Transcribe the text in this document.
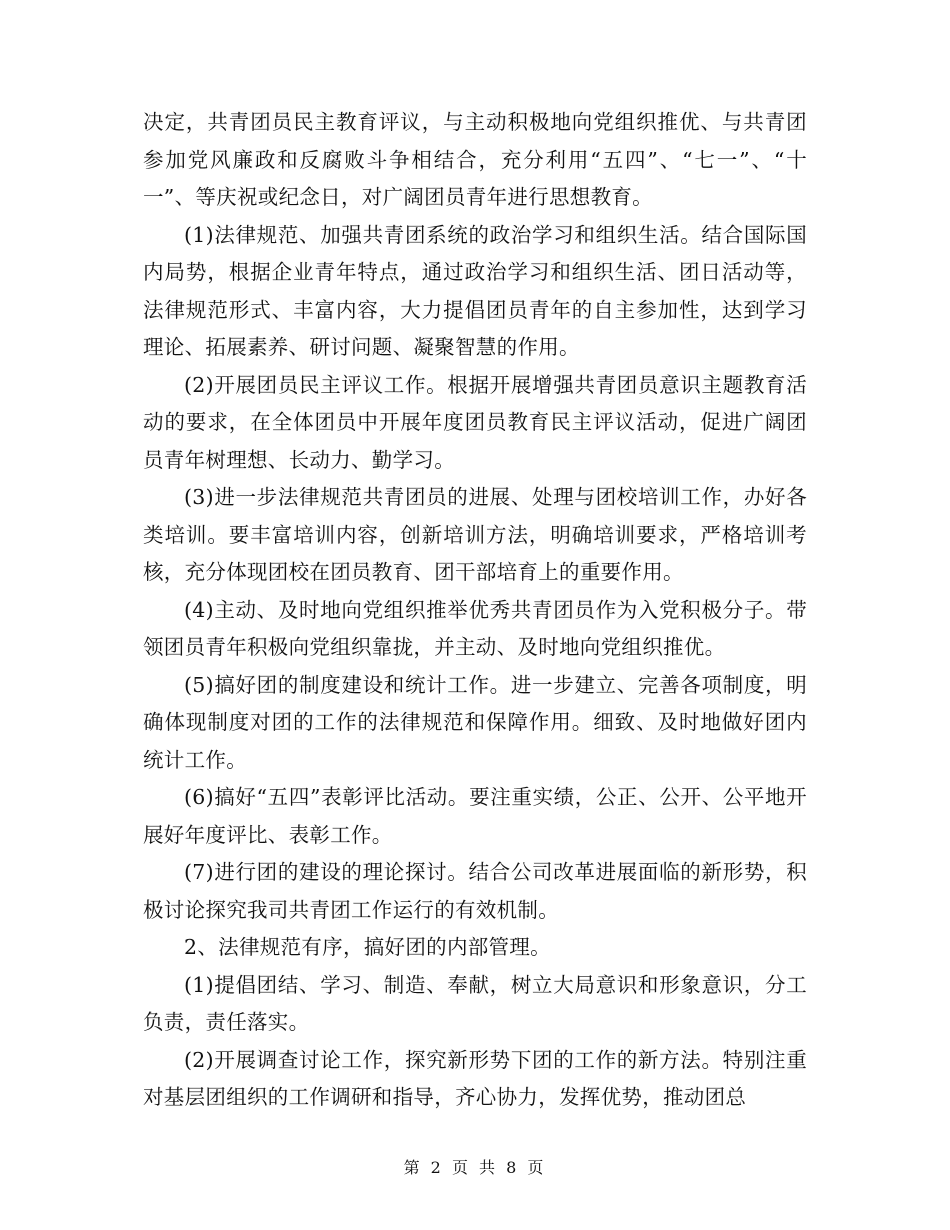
决定，共青团员民主教育评议，与主动积极地向党组织推优、与共青团参加党风廉政和反腐败斗争相结合，充分利用“五四”、“七一”、“十一”、等庆祝或纪念日，对广阔团员青年进行思想教育。

(1)法律规范、加强共青团系统的政治学习和组织生活。结合国际国内局势，根据企业青年特点，通过政治学习和组织生活、团日活动等，法律规范形式、丰富内容，大力提倡团员青年的自主参加性，达到学习理论、拓展素养、研讨问题、凝聚智慧的作用。

(2)开展团员民主评议工作。根据开展增强共青团员意识主题教育活动的要求，在全体团员中开展年度团员教育民主评议活动，促进广阔团员青年树理想、长动力、勤学习。

(3)进一步法律规范共青团员的进展、处理与团校培训工作，办好各类培训。要丰富培训内容，创新培训方法，明确培训要求，严格培训考核，充分体现团校在团员教育、团干部培育上的重要作用。

(4)主动、及时地向党组织推举优秀共青团员作为入党积极分子。带领团员青年积极向党组织靠拢，并主动、及时地向党组织推优。

(5)搞好团的制度建设和统计工作。进一步建立、完善各项制度，明确体现制度对团的工作的法律规范和保障作用。细致、及时地做好团内统计工作。

(6)搞好“五四”表彰评比活动。要注重实绩，公正、公开、公平地开展好年度评比、表彰工作。

(7)进行团的建设的理论探讨。结合公司改革进展面临的新形势，积极讨论探究我司共青团工作运行的有效机制。

2、法律规范有序，搞好团的内部管理。

(1)提倡团结、学习、制造、奉献，树立大局意识和形象意识，分工负责，责任落实。

(2)开展调查讨论工作，探究新形势下团的工作的新方法。特别注重对基层团组织的工作调研和指导，齐心协力，发挥优势，推动团总

第 2 页 共 8 页
